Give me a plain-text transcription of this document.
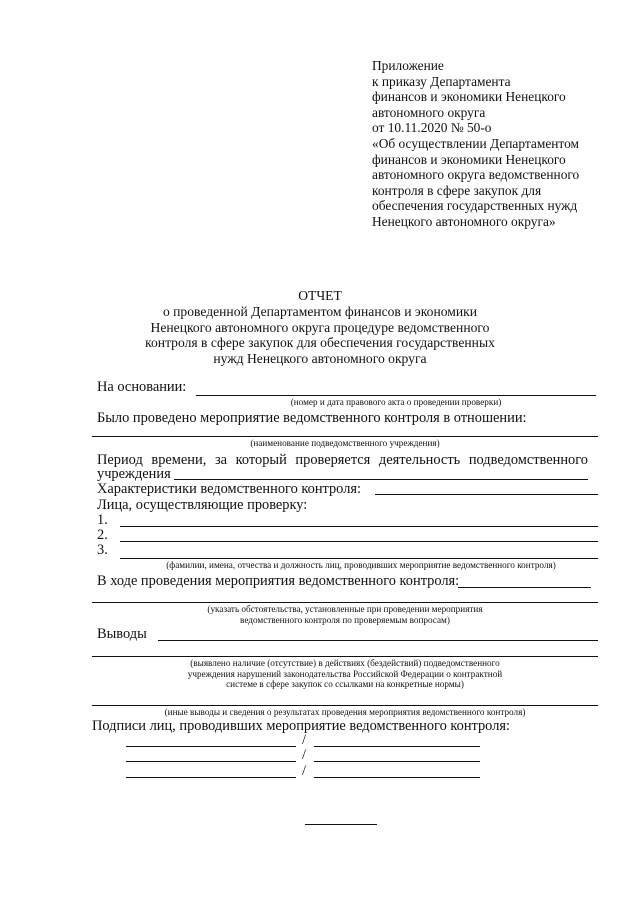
Приложение
к приказу Департамента
финансов и экономики Ненецкого
автономного округа
от 10.11.2020 № 50-о
«Об осуществлении Департаментом
финансов и экономики Ненецкого
автономного округа ведомственного
контроля в сфере закупок для
обеспечения государственных нужд
Ненецкого автономного округа»
ОТЧЕТ
о проведенной Департаментом финансов и экономики
Ненецкого автономного округа процедуре ведомственного
контроля в сфере закупок для обеспечения государственных
нужд Ненецкого автономного округа
На основании:
(номер и дата правового акта о проведении проверки)
Было проведено мероприятие ведомственного контроля в отношении:
(наименование подведомственного учреждения)
Период времени, за который проверяется деятельность подведомственного
учреждения
Характеристики ведомственного контроля:
Лица, осуществляющие проверку:
1.
2.
3.
(фамилии, имена, отчества и должность лиц, проводивших мероприятие ведомственного контроля)
В ходе проведения мероприятия ведомственного контроля:
(указать обстоятельства, установленные при проведении мероприятия
ведомственного контроля по проверяемым вопросам)
Выводы
(выявлено наличие (отсутствие) в действиях (бездействий) подведомственного
учреждения нарушений законодательства Российской Федерации о контрактной
системе в сфере закупок со ссылками на конкретные нормы)
(иные выводы и сведения о результатах проведения мероприятия ведомственного контроля)
Подписи лиц, проводивших мероприятие ведомственного контроля:
/
/
/
